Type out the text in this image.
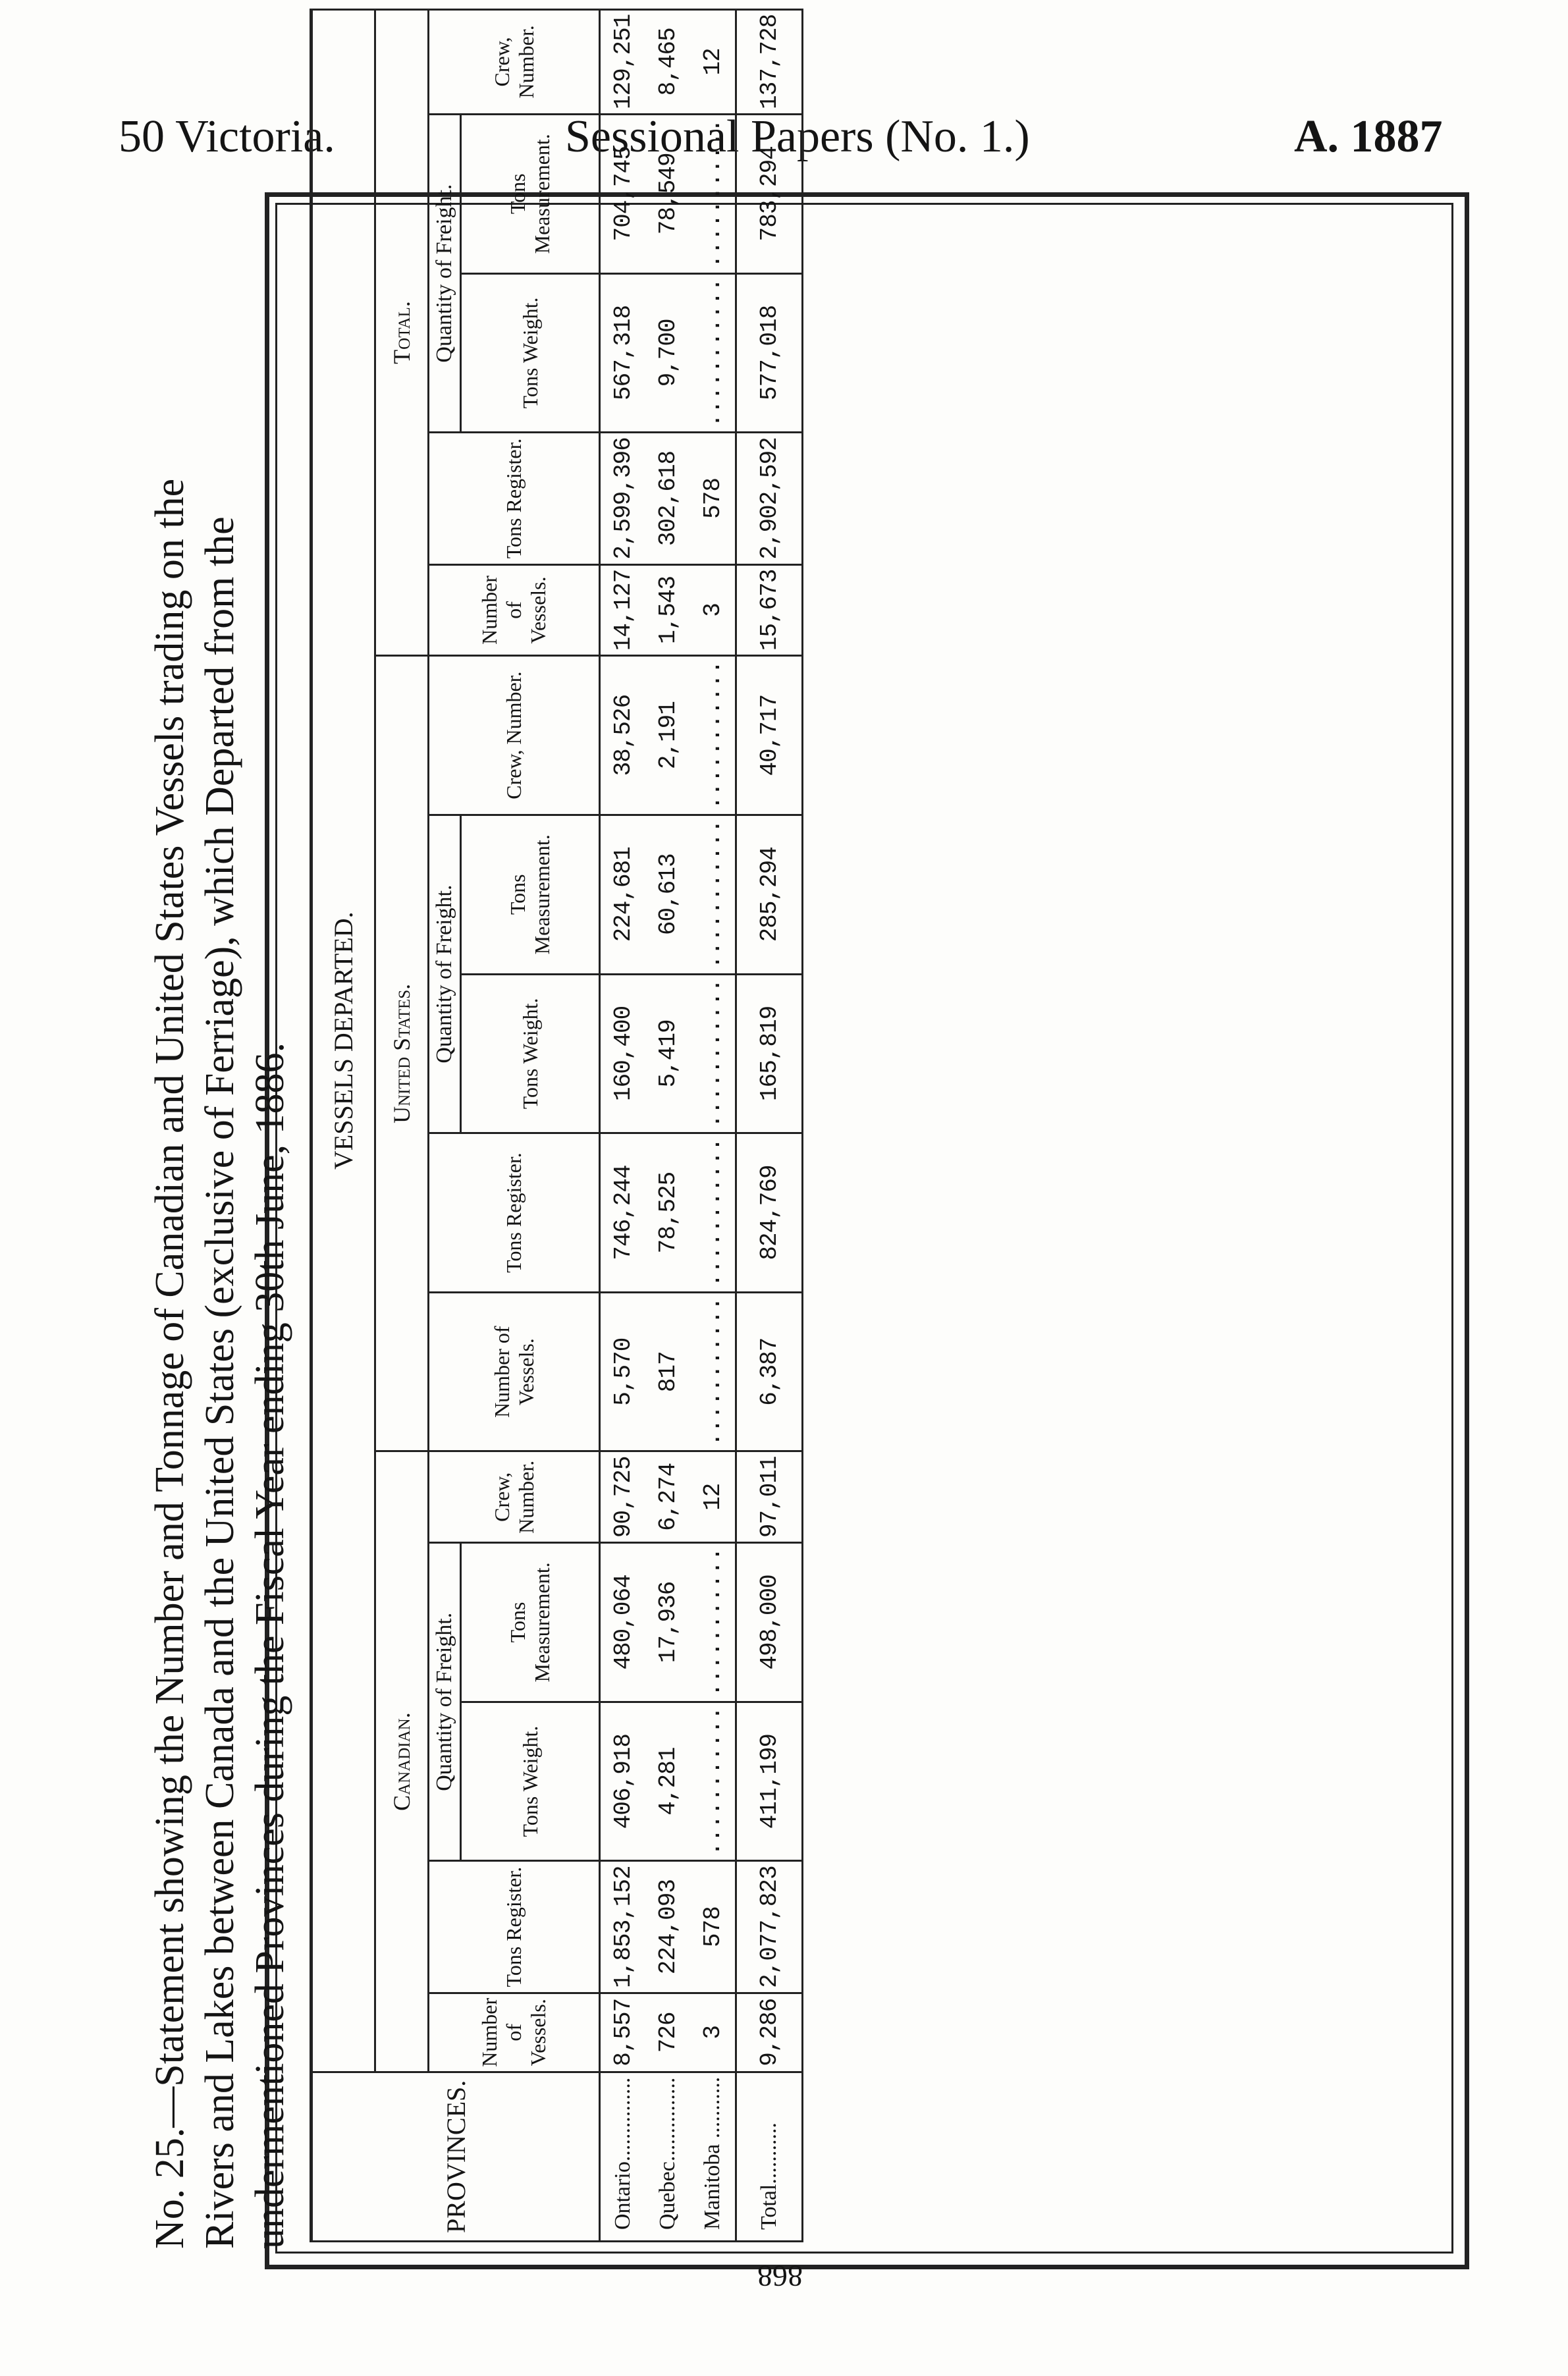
50 Victoria.	Sessional Papers (No. 1.)	A. 1887
No. 25.—Statement showing the Number and Tonnage of Canadian and United States Vessels trading on the Rivers and Lakes between Canada and the United States (exclusive of Ferriage), which Departed from the undermentioned Provinces during the Fiscal Year ending 30th June, 1886.	PROVINCES.	VESSELS DEPARTED.														
	Canadian.					United States.					Total.				
	Number of Vessels.	Tons Register.	Quantity of Freight.		Crew, Number.	Number of Vessels.	Tons Register.	Quantity of Freight.		Crew, Number.	Number of Vessels.	Tons Register.	Quantity of Freight.		Crew, Number.
			Tons Weight.	Tons Measurement.				Tons Weight.	Tons Measurement.				Tons Weight.	Tons Measurement.	
Ontario...............	8,557	1,853,152	406,918	480,064	90,725	5,570	746,244	160,400	224,681	38,526	14,127	2,599,396	567,318	704,745	129,251
Quebec...............	726	224,093	4,281	17,936	6,274	817	78,525	5,419	60,613	2,191	1,543	302,618	9,700	78,549	8,465
Manitoba ...........	3	578	...........	...........	12	...........	...........	...........	...........	...........	3	578	...........	...........	12
Total...........	9,286	2,077,823	411,199	498,000	97,011	6,387	824,769	165,819	285,294	40,717	15,673	2,902,592	577,018	783,294	137,728
868
